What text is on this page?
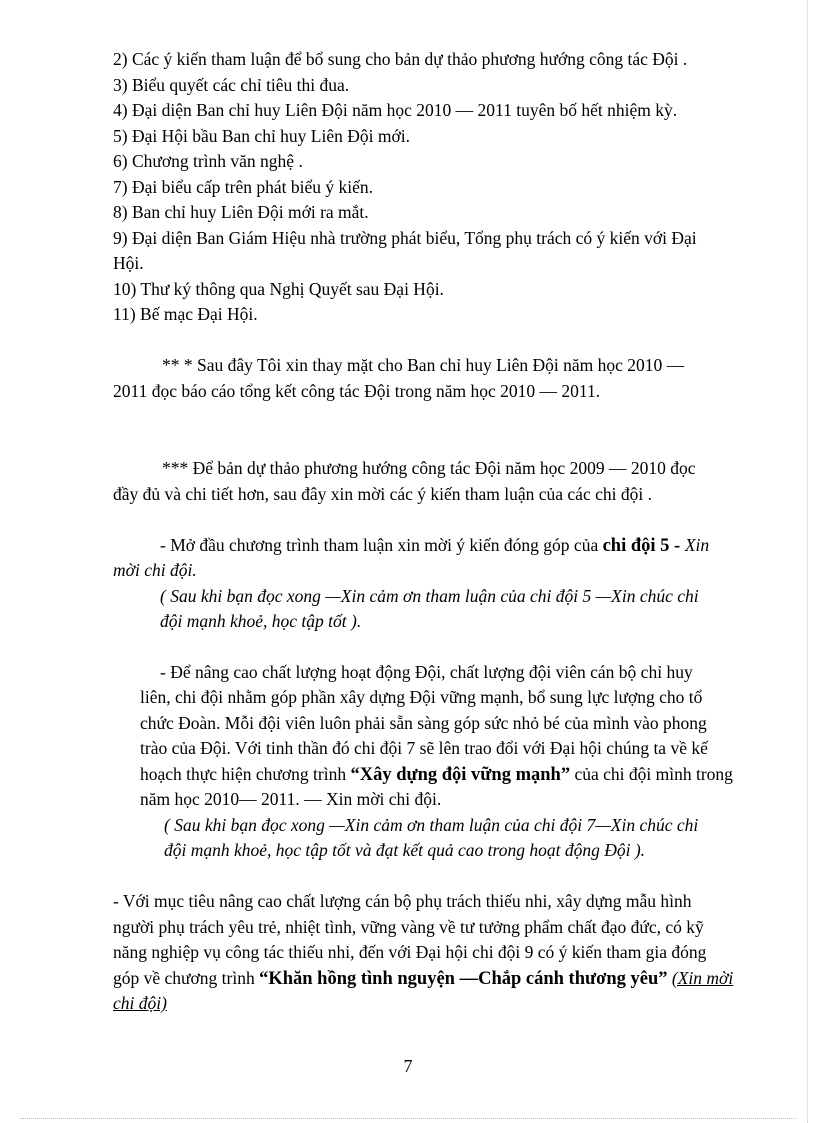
2) Các ý kiến tham luận để bổ sung cho bản dự thảo phương hướng công tác Đội .
3) Biểu quyết các chỉ tiêu thi đua.
4) Đại diện Ban chỉ huy Liên Đội năm học 2010 — 2011 tuyên bố hết nhiệm kỳ.
5) Đại Hội bầu Ban chỉ huy Liên Đội mới.
6) Chương trình văn nghệ .
7) Đại biểu cấp trên phát biểu ý kiến.
8) Ban chỉ huy Liên Đội mới ra mắt.
9) Đại diện Ban Giám Hiệu nhà trường phát biểu, Tổng phụ trách có ý kiến với Đại
Hội.
10) Thư ký thông qua Nghị Quyết sau Đại Hội.
11) Bế mạc Đại Hội.
** * Sau đây Tôi xin thay mặt cho Ban chỉ huy Liên Đội năm học 2010 —
2011 đọc báo cáo tổng kết công tác Đội trong năm học 2010 — 2011.
*** Để bản dự thảo phương hướng công tác Đội năm học 2009 — 2010 đọc
đầy đủ và chi tiết hơn, sau đây xin mời các ý kiến tham luận của các chi đội .
- Mở đầu chương trình tham luận xin mời ý kiến đóng góp của chi đội 5 - Xin
mời chi đội.
( Sau khi bạn đọc xong —Xin cảm ơn tham luận của chi đội 5 —Xin chúc chi
đội mạnh khoẻ, học tập tốt ).
- Để nâng cao chất lượng hoạt động Đội, chất lượng đội viên cán bộ chỉ huy
liên, chi đội nhằm góp phần xây dựng Đội vững mạnh, bổ sung lực lượng cho tổ
chức Đoàn. Mỗi đội viên luôn phải sẵn sàng góp sức nhỏ bé của mình vào phong
trào của Đội. Với tinh thần đó chi đội 7 sẽ lên trao đổi với Đại hội chúng ta về kế
hoạch thực hiện chương trình “Xây dựng đội vững mạnh” của chi đội mình trong
năm học 2010— 2011. — Xin mời chi đội.
( Sau khi bạn đọc xong —Xin cảm ơn tham luận của chi đội 7—Xin chúc chi
đội mạnh khoẻ, học tập tốt và đạt kết quả cao trong hoạt động Đội ).
- Với mục tiêu nâng cao chất lượng cán bộ phụ trách thiếu nhi, xây dựng mẫu hình
người phụ trách yêu trẻ, nhiệt tình, vững vàng về tư tưởng phẩm chất đạo đức, có kỹ
năng nghiệp vụ công tác thiếu nhi, đến với Đại hội chi đội 9 có ý kiến tham gia đóng
góp về chương trình “Khăn hồng tình nguyện —Chắp cánh thương yêu” (Xin mời
chi đội)
7
